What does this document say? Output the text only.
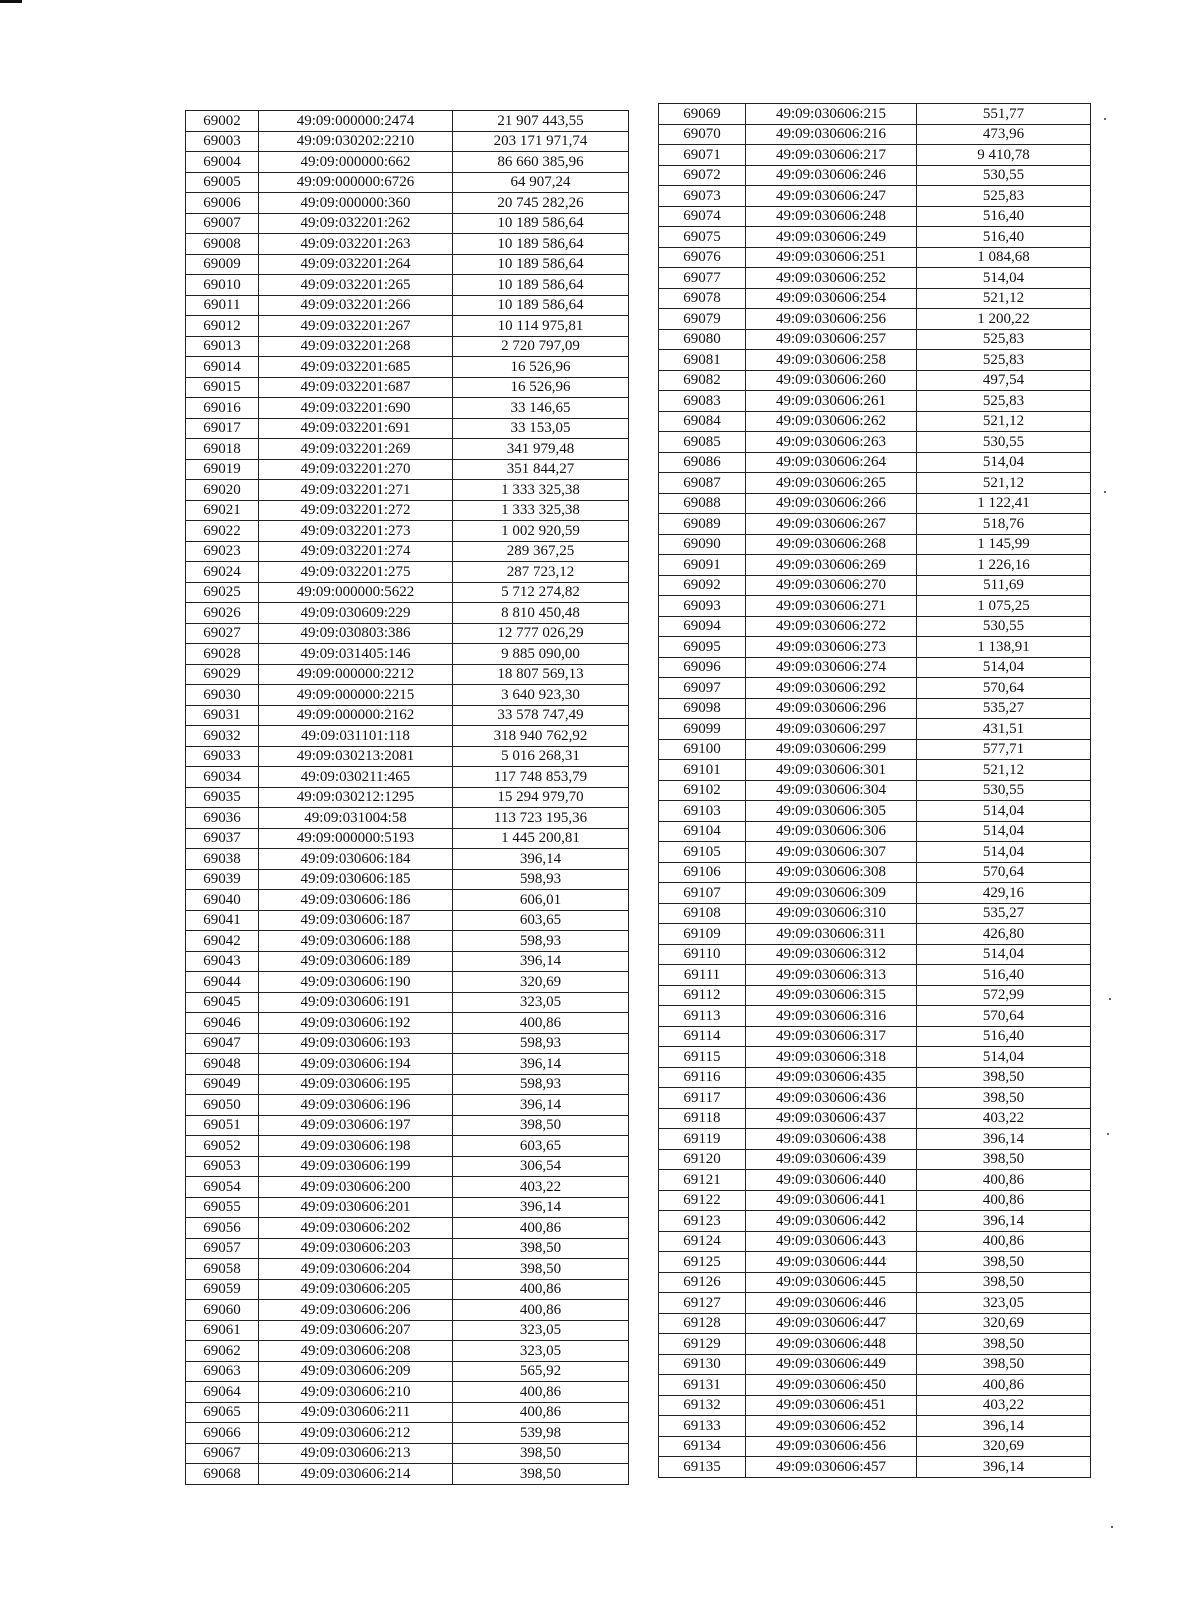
69002	49:09:000000:2474	21 907 443,55
69003	49:09:030202:2210	203 171 971,74
69004	49:09:000000:662	86 660 385,96
69005	49:09:000000:6726	64 907,24
69006	49:09:000000:360	20 745 282,26
69007	49:09:032201:262	10 189 586,64
69008	49:09:032201:263	10 189 586,64
69009	49:09:032201:264	10 189 586,64
69010	49:09:032201:265	10 189 586,64
69011	49:09:032201:266	10 189 586,64
69012	49:09:032201:267	10 114 975,81
69013	49:09:032201:268	2 720 797,09
69014	49:09:032201:685	16 526,96
69015	49:09:032201:687	16 526,96
69016	49:09:032201:690	33 146,65
69017	49:09:032201:691	33 153,05
69018	49:09:032201:269	341 979,48
69019	49:09:032201:270	351 844,27
69020	49:09:032201:271	1 333 325,38
69021	49:09:032201:272	1 333 325,38
69022	49:09:032201:273	1 002 920,59
69023	49:09:032201:274	289 367,25
69024	49:09:032201:275	287 723,12
69025	49:09:000000:5622	5 712 274,82
69026	49:09:030609:229	8 810 450,48
69027	49:09:030803:386	12 777 026,29
69028	49:09:031405:146	9 885 090,00
69029	49:09:000000:2212	18 807 569,13
69030	49:09:000000:2215	3 640 923,30
69031	49:09:000000:2162	33 578 747,49
69032	49:09:031101:118	318 940 762,92
69033	49:09:030213:2081	5 016 268,31
69034	49:09:030211:465	117 748 853,79
69035	49:09:030212:1295	15 294 979,70
69036	49:09:031004:58	113 723 195,36
69037	49:09:000000:5193	1 445 200,81
69038	49:09:030606:184	396,14
69039	49:09:030606:185	598,93
69040	49:09:030606:186	606,01
69041	49:09:030606:187	603,65
69042	49:09:030606:188	598,93
69043	49:09:030606:189	396,14
69044	49:09:030606:190	320,69
69045	49:09:030606:191	323,05
69046	49:09:030606:192	400,86
69047	49:09:030606:193	598,93
69048	49:09:030606:194	396,14
69049	49:09:030606:195	598,93
69050	49:09:030606:196	396,14
69051	49:09:030606:197	398,50
69052	49:09:030606:198	603,65
69053	49:09:030606:199	306,54
69054	49:09:030606:200	403,22
69055	49:09:030606:201	396,14
69056	49:09:030606:202	400,86
69057	49:09:030606:203	398,50
69058	49:09:030606:204	398,50
69059	49:09:030606:205	400,86
69060	49:09:030606:206	400,86
69061	49:09:030606:207	323,05
69062	49:09:030606:208	323,05
69063	49:09:030606:209	565,92
69064	49:09:030606:210	400,86
69065	49:09:030606:211	400,86
69066	49:09:030606:212	539,98
69067	49:09:030606:213	398,50
69068	49:09:030606:214	398,50
69069	49:09:030606:215	551,77
69070	49:09:030606:216	473,96
69071	49:09:030606:217	9 410,78
69072	49:09:030606:246	530,55
69073	49:09:030606:247	525,83
69074	49:09:030606:248	516,40
69075	49:09:030606:249	516,40
69076	49:09:030606:251	1 084,68
69077	49:09:030606:252	514,04
69078	49:09:030606:254	521,12
69079	49:09:030606:256	1 200,22
69080	49:09:030606:257	525,83
69081	49:09:030606:258	525,83
69082	49:09:030606:260	497,54
69083	49:09:030606:261	525,83
69084	49:09:030606:262	521,12
69085	49:09:030606:263	530,55
69086	49:09:030606:264	514,04
69087	49:09:030606:265	521,12
69088	49:09:030606:266	1 122,41
69089	49:09:030606:267	518,76
69090	49:09:030606:268	1 145,99
69091	49:09:030606:269	1 226,16
69092	49:09:030606:270	511,69
69093	49:09:030606:271	1 075,25
69094	49:09:030606:272	530,55
69095	49:09:030606:273	1 138,91
69096	49:09:030606:274	514,04
69097	49:09:030606:292	570,64
69098	49:09:030606:296	535,27
69099	49:09:030606:297	431,51
69100	49:09:030606:299	577,71
69101	49:09:030606:301	521,12
69102	49:09:030606:304	530,55
69103	49:09:030606:305	514,04
69104	49:09:030606:306	514,04
69105	49:09:030606:307	514,04
69106	49:09:030606:308	570,64
69107	49:09:030606:309	429,16
69108	49:09:030606:310	535,27
69109	49:09:030606:311	426,80
69110	49:09:030606:312	514,04
69111	49:09:030606:313	516,40
69112	49:09:030606:315	572,99
69113	49:09:030606:316	570,64
69114	49:09:030606:317	516,40
69115	49:09:030606:318	514,04
69116	49:09:030606:435	398,50
69117	49:09:030606:436	398,50
69118	49:09:030606:437	403,22
69119	49:09:030606:438	396,14
69120	49:09:030606:439	398,50
69121	49:09:030606:440	400,86
69122	49:09:030606:441	400,86
69123	49:09:030606:442	396,14
69124	49:09:030606:443	400,86
69125	49:09:030606:444	398,50
69126	49:09:030606:445	398,50
69127	49:09:030606:446	323,05
69128	49:09:030606:447	320,69
69129	49:09:030606:448	398,50
69130	49:09:030606:449	398,50
69131	49:09:030606:450	400,86
69132	49:09:030606:451	403,22
69133	49:09:030606:452	396,14
69134	49:09:030606:456	320,69
69135	49:09:030606:457	396,14
